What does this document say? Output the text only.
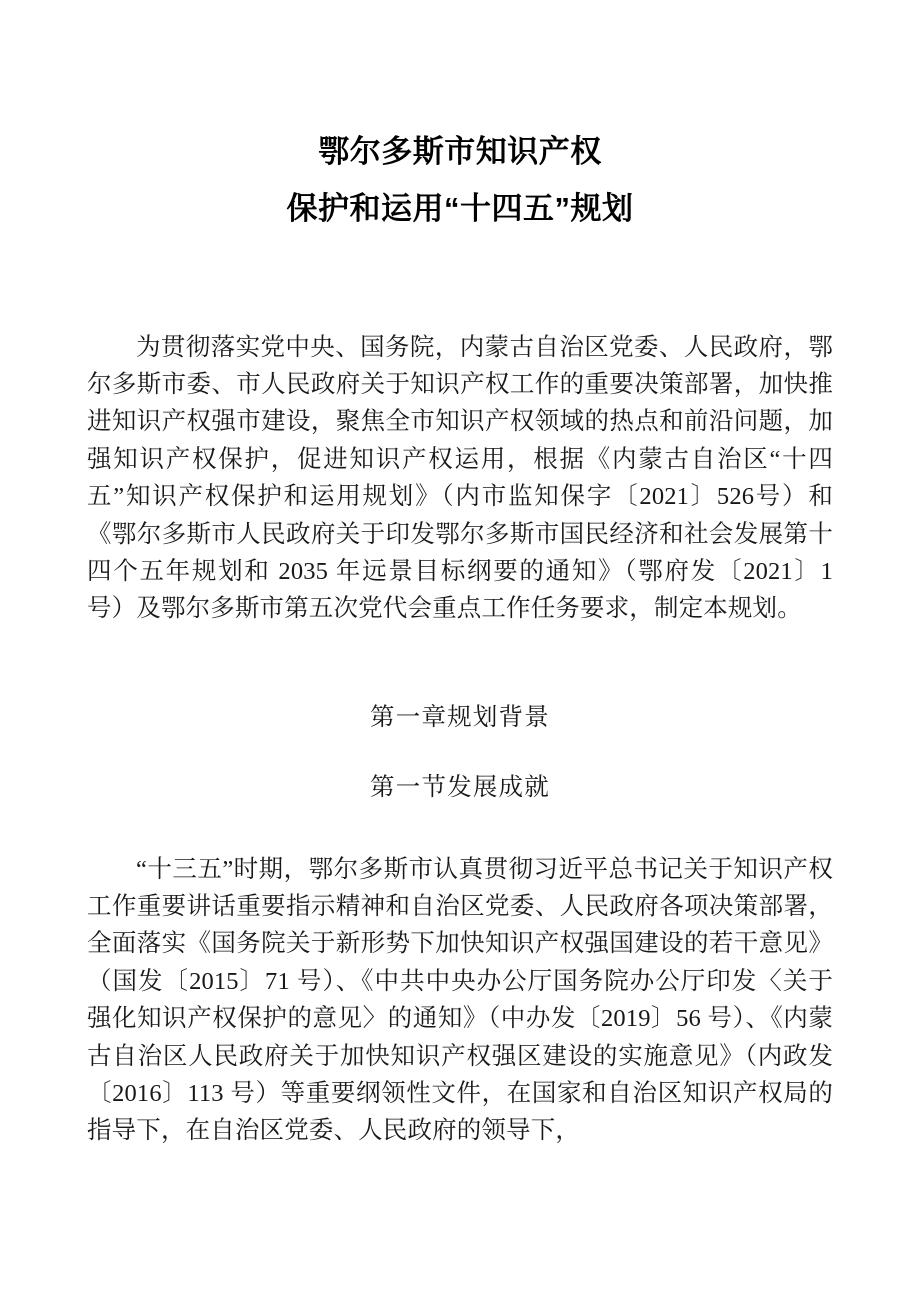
鄂尔多斯市知识产权
保护和运用“十四五”规划

为贯彻落实党中央、国务院，内蒙古自治区党委、人民政府，鄂尔多斯市委、市人民政府关于知识产权工作的重要决策部署，加快推进知识产权强市建设，聚焦全市知识产权领域的热点和前沿问题，加强知识产权保护，促进知识产权运用，根据《内蒙古自治区“十四五”知识产权保护和运用规划》（内市监知保字〔2021〕526号）和《鄂尔多斯市人民政府关于印发鄂尔多斯市国民经济和社会发展第十四个五年规划和 2035 年远景目标纲要的通知》（鄂府发〔2021〕1 号）及鄂尔多斯市第五次党代会重点工作任务要求，制定本规划。

第一章规划背景

第一节发展成就

“十三五”时期，鄂尔多斯市认真贯彻习近平总书记关于知识产权工作重要讲话重要指示精神和自治区党委、人民政府各项决策部署，全面落实《国务院关于新形势下加快知识产权强国建设的若干意见》（国发〔2015〕71 号）、《中共中央办公厅国务院办公厅印发〈关于强化知识产权保护的意见〉的通知》（中办发〔2019〕56 号）、《内蒙古自治区人民政府关于加快知识产权强区建设的实施意见》（内政发〔2016〕113 号）等重要纲领性文件，在国家和自治区知识产权局的指导下，在自治区党委、人民政府的领导下，
